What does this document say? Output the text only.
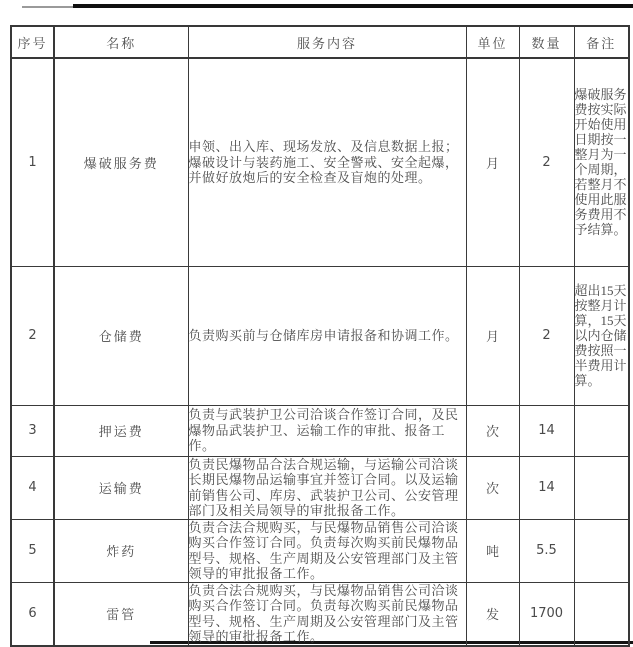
序号	名称	服务内容	单位	数量	备注
1	爆破服务费	申领、出入库、现场发放、及信息数据上报；爆破设计与装药施工、安全警戒、安全起爆，并做好放炮后的安全检查及盲炮的处理。	月	2	爆破服务费按实际开始使用日期按一整月为一个周期，若整月不使用此服务费用不予结算。
2	仓储费	负责购买前与仓储库房申请报备和协调工作。	月	2	超出15天按整月计算，15天以内仓储费按照一半费用计算。
3	押运费	负责与武装护卫公司洽谈合作签订合同，及民爆物品武装护卫、运输工作的审批、报备工作。	次	14	
4	运输费	负责民爆物品合法合规运输，与运输公司洽谈长期民爆物品运输事宜并签订合同。以及运输前销售公司、库房、武装护卫公司、公安管理部门及相关局领导的审批报备工作。	次	14	
5	炸药	负责合法合规购买，与民爆物品销售公司洽谈购买合作签订合同。负责每次购买前民爆物品型号、规格、生产周期及公安管理部门及主管领导的审批报备工作。	吨	5.5	
6	雷管	负责合法合规购买，与民爆物品销售公司洽谈购买合作签订合同。负责每次购买前民爆物品型号、规格、生产周期及公安管理部门及主管领导的审批报备工作。	发	1700	
